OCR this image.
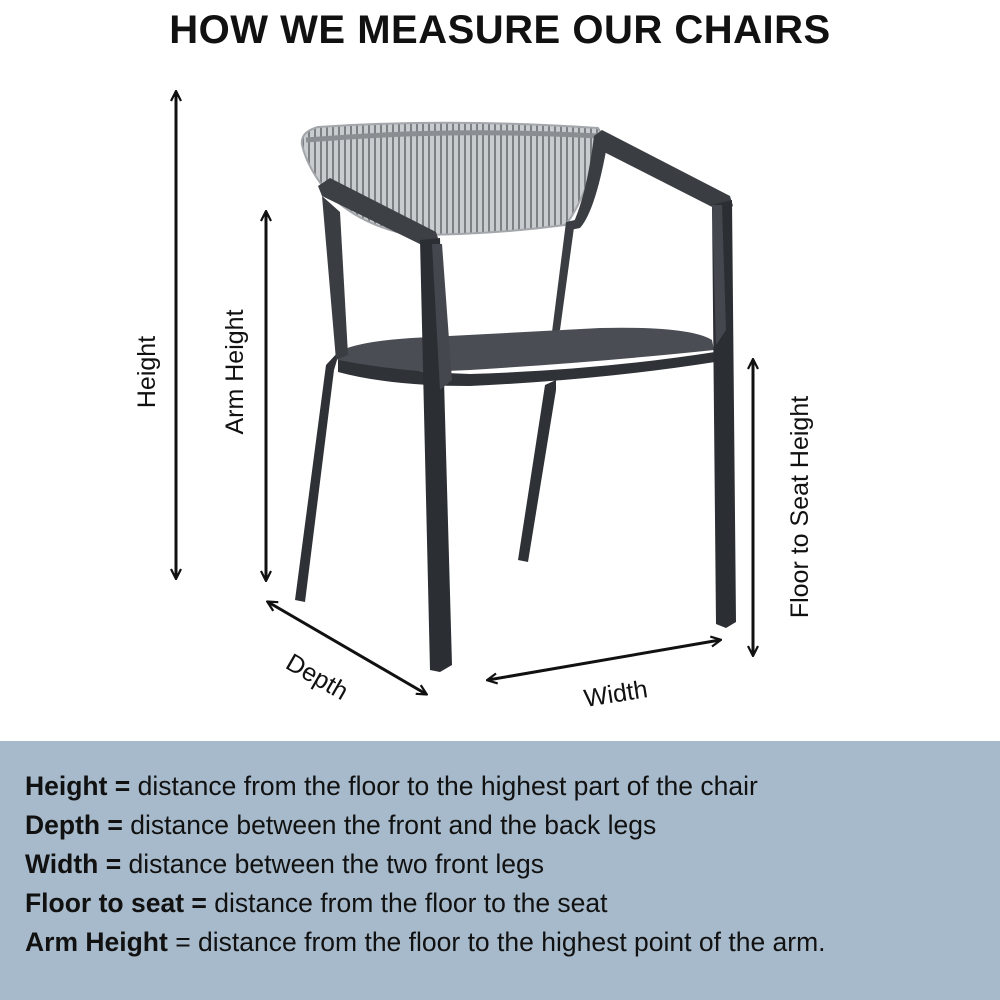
HOW WE MEASURE OUR CHAIRS
Height Arm Height
Floor to Seat Height
Depth	Width
Height = distance from the floor to the highest part of the chair
Depth = distance between the front and the back legs
Width = distance between the two front legs
Floor to seat = distance from the floor to the seat
Arm Height = distance from the floor to the highest point of the arm.
